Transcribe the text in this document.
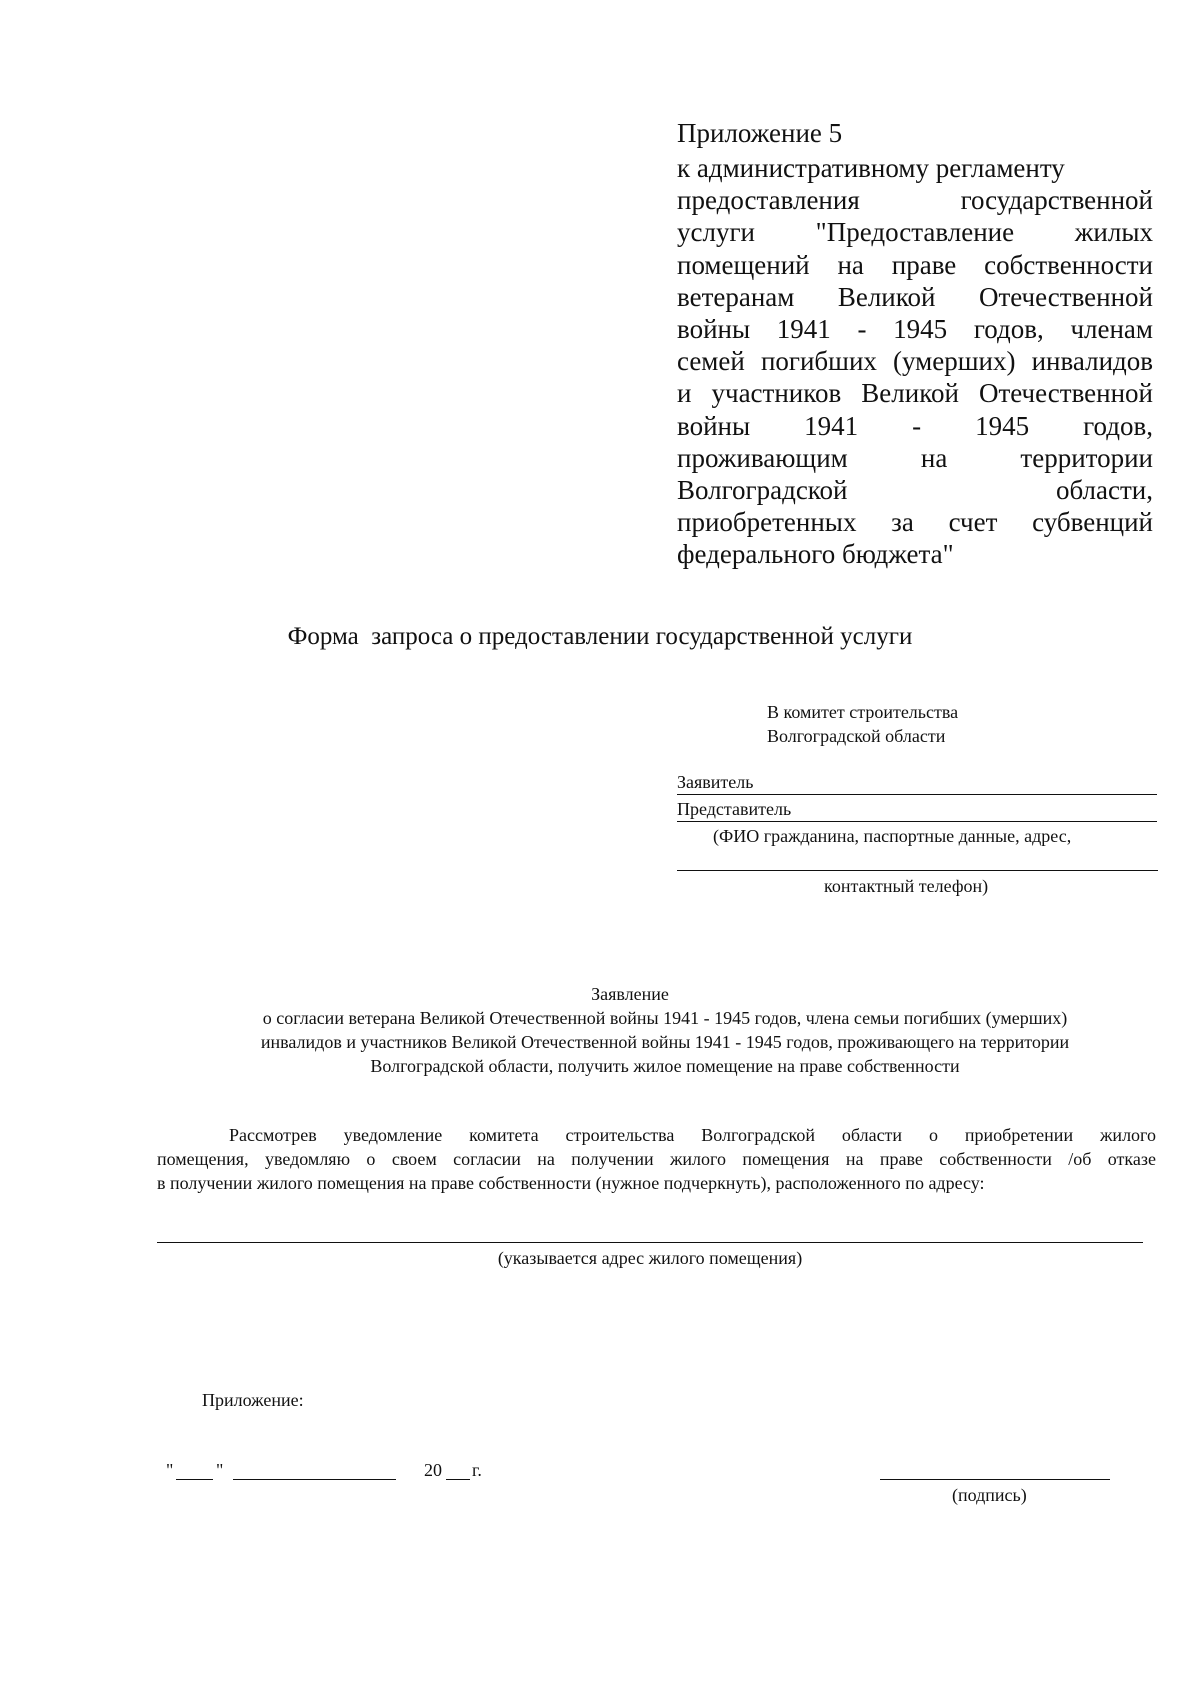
Приложение 5
к административному регламенту
предоставления государственной
услуги "Предоставление жилых
помещений на праве собственности
ветеранам Великой Отечественной
войны 1941 - 1945 годов, членам
семей погибших (умерших) инвалидов
и участников Великой Отечественной
войны 1941 - 1945 годов,
проживающим на территории
Волгоградской области,
приобретенных за счет субвенций
федерального бюджета"
Форма  запроса о предоставлении государственной услуги
В комитет строительства
Волгоградской области
Заявитель
Представитель
(ФИО гражданина, паспортные данные, адрес,
контактный телефон)
Заявление
о согласии ветерана Великой Отечественной войны 1941 - 1945 годов, члена семьи погибших (умерших)
инвалидов и участников Великой Отечественной войны 1941 - 1945 годов, проживающего на территории
Волгоградской области, получить жилое помещение на праве собственности
Рассмотрев уведомление комитета строительства Волгоградской области о приобретении жилого
помещения, уведомляю о своем согласии на получении жилого помещения на праве собственности /об отказе
в получении жилого помещения на праве собственности (нужное подчеркнуть), расположенного по адресу:
(указывается адрес жилого помещения)
Приложение:
" "	20 г.
(подпись)
